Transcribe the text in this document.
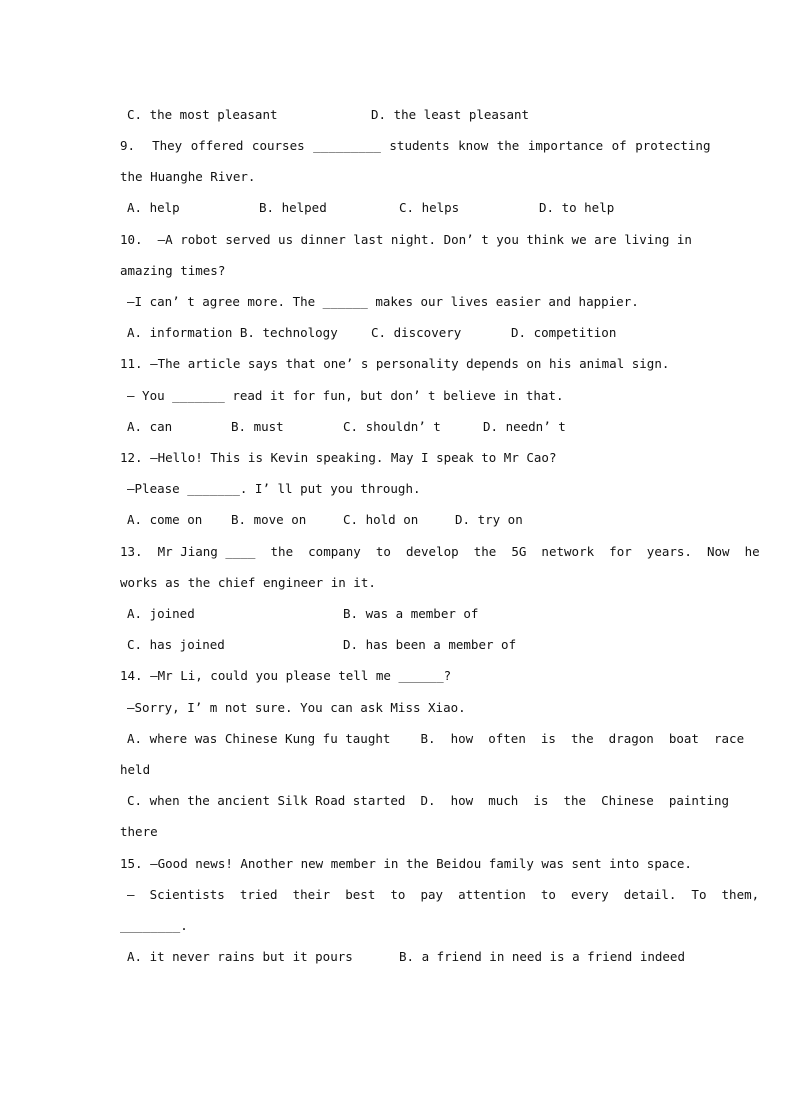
C. the most pleasant	D. the least pleasant
9.  They offered courses _________ students know the importance of protecting
the Huanghe River.
A. help	B. helped	C. helps	D. to help
10.  —A robot served us dinner last night. Don’ t you think we are living in
amazing times?
—I can’ t agree more. The ______ makes our lives easier and happier.
A. information B. technology	C. discovery	D. competition
11. —The article says that one’ s personality depends on his animal sign.
— You _______ read it for fun, but don’ t believe in that.
A. can	B. must	C. shouldn’ t	D. needn’ t
12. —Hello! This is Kevin speaking. May I speak to Mr Cao?
—Please _______. I’ ll put you through.
A. come on B. move on	C. hold on	D. try on
13.  Mr Jiang ____  the  company  to  develop  the  5G  network  for  years.  Now  he
works as the chief engineer in it.
A. joined	B. was a member of
C. has joined	D. has been a member of
14. —Mr Li, could you please tell me ______?
—Sorry, I’ m not sure. You can ask Miss Xiao.
A. where was Chinese Kung fu taught    B.  how  often  is  the  dragon  boat  race
held
C. when the ancient Silk Road started  D.  how  much  is  the  Chinese  painting
there
15. —Good news! Another new member in the Beidou family was sent into space.
—  Scientists  tried  their  best  to  pay  attention  to  every  detail.  To  them,
________.
A. it never rains but it pours	B. a friend in need is a friend indeed
